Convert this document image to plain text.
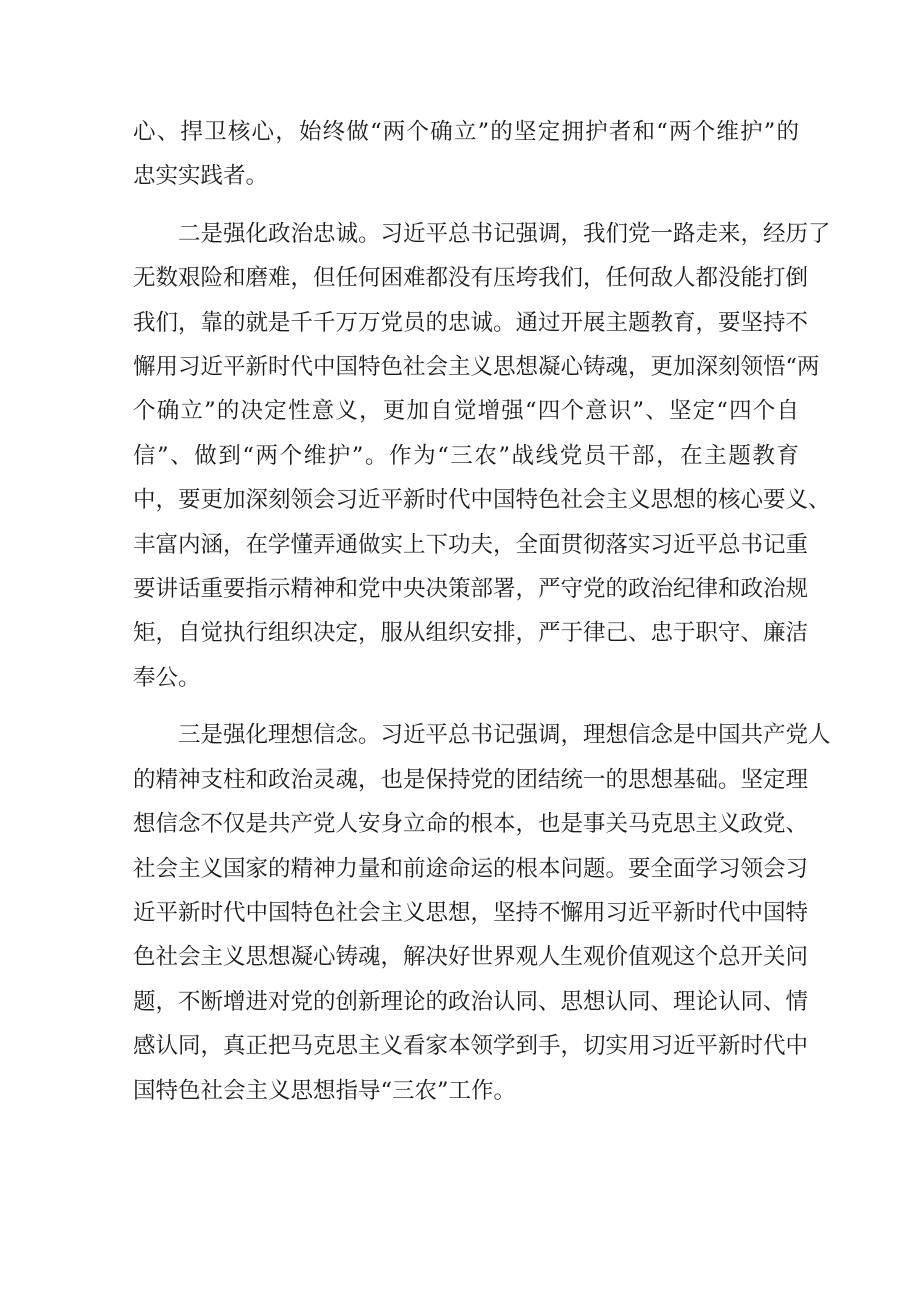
心、捍卫核心，始终做“两个确立”的坚定拥护者和“两个维护”的
忠实实践者。

　　二是强化政治忠诚。习近平总书记强调，我们党一路走来，经历了
无数艰险和磨难，但任何困难都没有压垮我们，任何敌人都没能打倒
我们，靠的就是千千万万党员的忠诚。通过开展主题教育，要坚持不
懈用习近平新时代中国特色社会主义思想凝心铸魂，更加深刻领悟“两
个确立”的决定性意义，更加自觉增强“四个意识”、坚定“四个自
信”、做到“两个维护”。作为“三农”战线党员干部，在主题教育
中，要更加深刻领会习近平新时代中国特色社会主义思想的核心要义、
丰富内涵，在学懂弄通做实上下功夫，全面贯彻落实习近平总书记重
要讲话重要指示精神和党中央决策部署，严守党的政治纪律和政治规
矩，自觉执行组织决定，服从组织安排，严于律己、忠于职守、廉洁
奉公。

　　三是强化理想信念。习近平总书记强调，理想信念是中国共产党人
的精神支柱和政治灵魂，也是保持党的团结统一的思想基础。坚定理
想信念不仅是共产党人安身立命的根本，也是事关马克思主义政党、
社会主义国家的精神力量和前途命运的根本问题。要全面学习领会习
近平新时代中国特色社会主义思想，坚持不懈用习近平新时代中国特
色社会主义思想凝心铸魂，解决好世界观人生观价值观这个总开关问
题，不断增进对党的创新理论的政治认同、思想认同、理论认同、情
感认同，真正把马克思主义看家本领学到手，切实用习近平新时代中
国特色社会主义思想指导“三农”工作。
